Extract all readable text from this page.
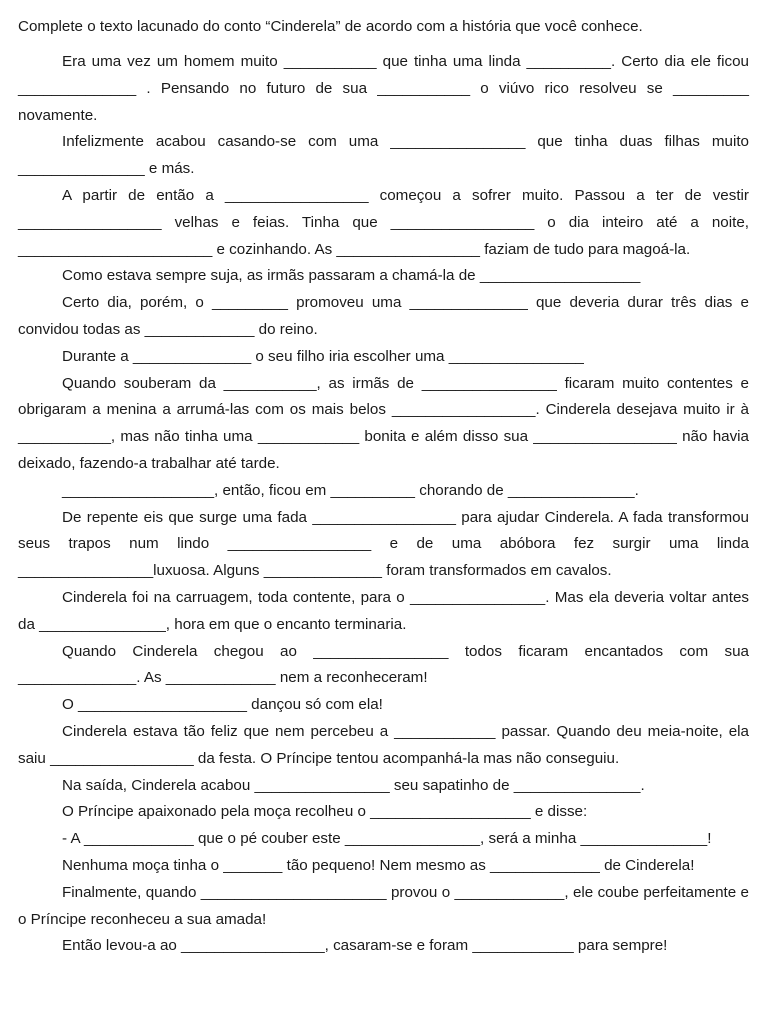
Complete o texto lacunado do conto “Cinderela” de acordo com a história que você conhece.

Era uma vez um homem muito ___________ que tinha uma linda __________. Certo dia ele ficou ______________ . Pensando no futuro de sua ___________ o viúvo rico resolveu se _________ novamente.

Infelizmente acabou casando-se com uma ________________ que tinha duas filhas muito _______________ e más.

A partir de então a _________________ começou a sofrer muito. Passou a ter de vestir _________________ velhas e feias. Tinha que _________________ o dia inteiro até a noite, _______________________ e cozinhando. As _________________ faziam de tudo para magoá-la.

Como estava sempre suja, as irmãs passaram a chamá-la de ___________________

Certo dia, porém, o _________ promoveu uma ______________ que deveria durar três dias e convidou todas as _____________ do reino.

Durante a ______________ o seu filho iria escolher uma ________________

Quando souberam da ___________, as irmãs de ________________ ficaram muito contentes e obrigaram a menina a arrumá-las com os mais belos _________________. Cinderela desejava muito ir à ___________, mas não tinha uma ____________ bonita e além disso sua _________________ não havia deixado, fazendo-a trabalhar até tarde.

__________________, então, ficou em __________ chorando de _______________.

De repente eis que surge uma fada _________________ para ajudar Cinderela. A fada transformou seus trapos num lindo _________________ e de uma abóbora fez surgir uma linda ________________luxuosa. Alguns ______________ foram transformados em cavalos.

Cinderela foi na carruagem, toda contente, para o ________________. Mas ela deveria voltar antes da _______________, hora em que o encanto terminaria.

Quando Cinderela chegou ao ________________ todos ficaram encantados com sua ______________. As _____________ nem a reconheceram!

O ____________________ dançou só com ela!

Cinderela estava tão feliz que nem percebeu a ____________ passar. Quando deu meia-noite, ela saiu _________________ da festa. O Príncipe tentou acompanhá-la mas não conseguiu.

Na saída, Cinderela acabou ________________ seu sapatinho de _______________.

O Príncipe apaixonado pela moça recolheu o ___________________ e disse:

- A _____________ que o pé couber este ________________, será a minha _______________!

Nenhuma moça tinha o _______ tão pequeno! Nem mesmo as _____________ de Cinderela!

Finalmente, quando ______________________ provou o _____________, ele coube perfeitamente e o Príncipe reconheceu a sua amada!

Então levou-a ao _________________, casaram-se e foram ____________ para sempre!
